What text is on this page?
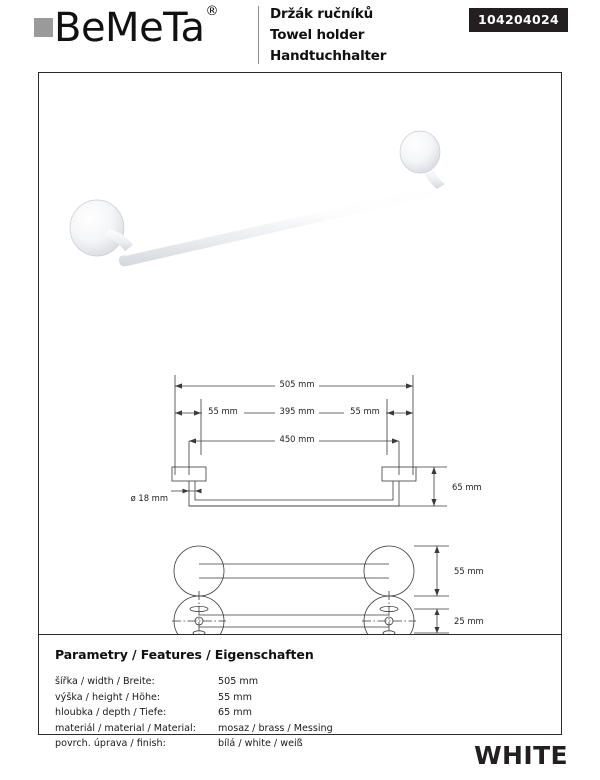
BeMeTa®	Držák ručníků
Towel holder
Handtuchhalter
104204024
505 mm
55 mm	395 mm	55 mm
450 mm
ø 18 mm
65 mm
55 mm
25 mm
Parametry / Features / Eigenschaften
šířka / width / Breite:	505 mm
výška / height / Höhe:	55 mm
hloubka / depth / Tiefe:	65 mm
materiál / material / Material:	mosaz / brass / Messing
povrch. úprava / finish:	bílá / white / weiß	WHITE
